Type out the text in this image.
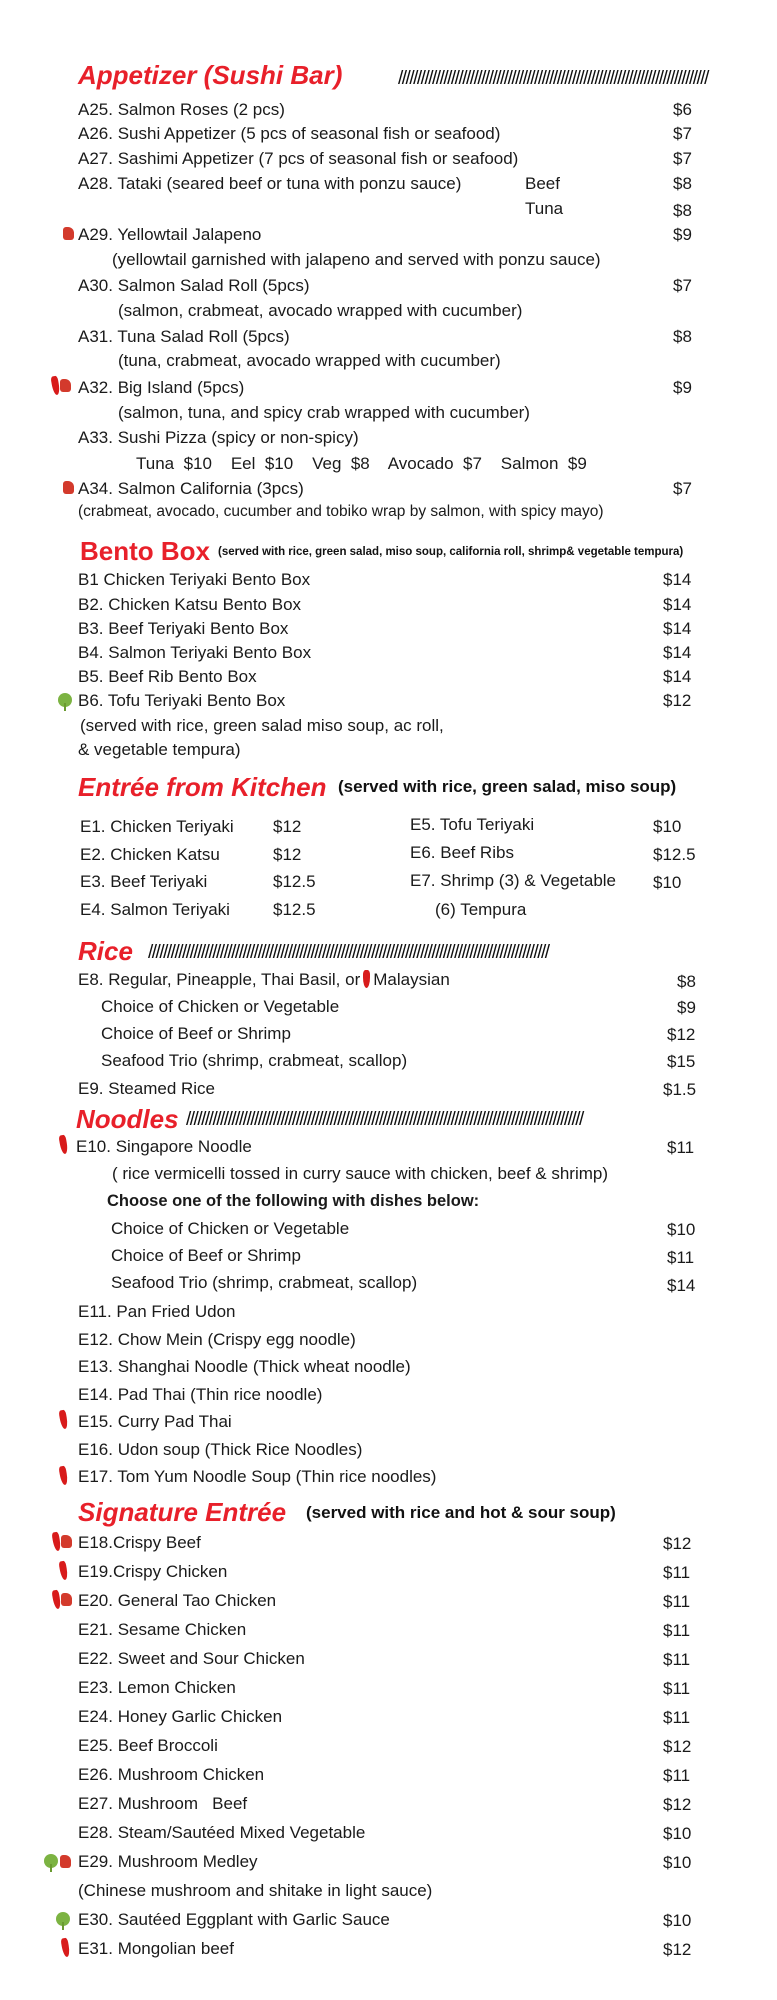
Appetizer (Sushi Bar)	//////////////////////////////////////////////////////////////////////////////////
A25. Salmon Roses (2 pcs)	$6
A26. Sushi Appetizer (5 pcs of seasonal fish or seafood)	$7
A27. Sashimi Appetizer (7 pcs of seasonal fish or seafood)	$7
A28. Tataki (seared beef or tuna with ponzu sauce)	Beef	$8
Tuna	$8
A29. Yellowtail Jalapeno	$9
(yellowtail garnished with jalapeno and served with ponzu sauce)
A30. Salmon Salad Roll (5pcs)	$7
(salmon, crabmeat, avocado wrapped with cucumber)
A31. Tuna Salad Roll (5pcs)	$8
(tuna, crabmeat, avocado wrapped with cucumber)
A32. Big Island (5pcs)	$9
(salmon, tuna, and spicy crab wrapped with cucumber)
A33. Sushi Pizza (spicy or non-spicy)
Tuna  $10    Eel  $10    Veg  $8    Avocado  $7    Salmon  $9
A34. Salmon California (3pcs)	$7
(crabmeat, avocado, cucumber and tobiko wrap by salmon, with spicy mayo)
Bento Box (served with rice, green salad, miso soup, california roll, shrimp& vegetable tempura)
B1 Chicken Teriyaki Bento Box	$14
B2. Chicken Katsu Bento Box	$14
B3. Beef Teriyaki Bento Box	$14
B4. Salmon Teriyaki Bento Box	$14
B5. Beef Rib Bento Box	$14
B6. Tofu Teriyaki Bento Box	$12
(served with rice, green salad miso soup, ac roll,
& vegetable tempura)
Entrée from Kitchen (served with rice, green salad, miso soup)
E1. Chicken Teriyaki $12
E2. Chicken Katsu	$12
E3. Beef Teriyaki	$12.5
E4. Salmon Teriyaki	$12.5
E5. Tofu Teriyaki	$10
E6. Beef Ribs	$12.5
E7. Shrimp (3) & Vegetable $10
(6) Tempura
Rice //////////////////////////////////////////////////////////////////////////////////////////////////////////
E8. Regular, Pineapple, Thai Basil, or Malaysian	$8
Choice of Chicken or Vegetable	$9
Choice of Beef or Shrimp	$12
Seafood Trio (shrimp, crabmeat, scallop)	$15
E9. Steamed Rice	$1.5
Noodles /////////////////////////////////////////////////////////////////////////////////////////////////////////
E10. Singapore Noodle	$11
( rice vermicelli tossed in curry sauce with chicken, beef & shrimp)
Choose one of the following with dishes below:
Choice of Chicken or Vegetable	$10
Choice of Beef or Shrimp	$11
Seafood Trio (shrimp, crabmeat, scallop)	$14
E11. Pan Fried Udon
E12. Chow Mein (Crispy egg noodle)
E13. Shanghai Noodle (Thick wheat noodle)
E14. Pad Thai (Thin rice noodle)
E15. Curry Pad Thai
E16. Udon soup (Thick Rice Noodles)
E17. Tom Yum Noodle Soup (Thin rice noodles)
Signature Entrée (served with rice and hot & sour soup)
E18.Crispy Beef	$12
E19.Crispy Chicken	$11
E20. General Tao Chicken	$11
E21. Sesame Chicken	$11
E22. Sweet and Sour Chicken	$11
E23. Lemon Chicken	$11
E24. Honey Garlic Chicken	$11
E25. Beef Broccoli	$12
E26. Mushroom Chicken	$11
E27. Mushroom   Beef	$12
E28. Steam/Sautéed Mixed Vegetable	$10
E29. Mushroom Medley	$10
(Chinese mushroom and shitake in light sauce)
E30. Sautéed Eggplant with Garlic Sauce	$10
E31. Mongolian beef	$12
